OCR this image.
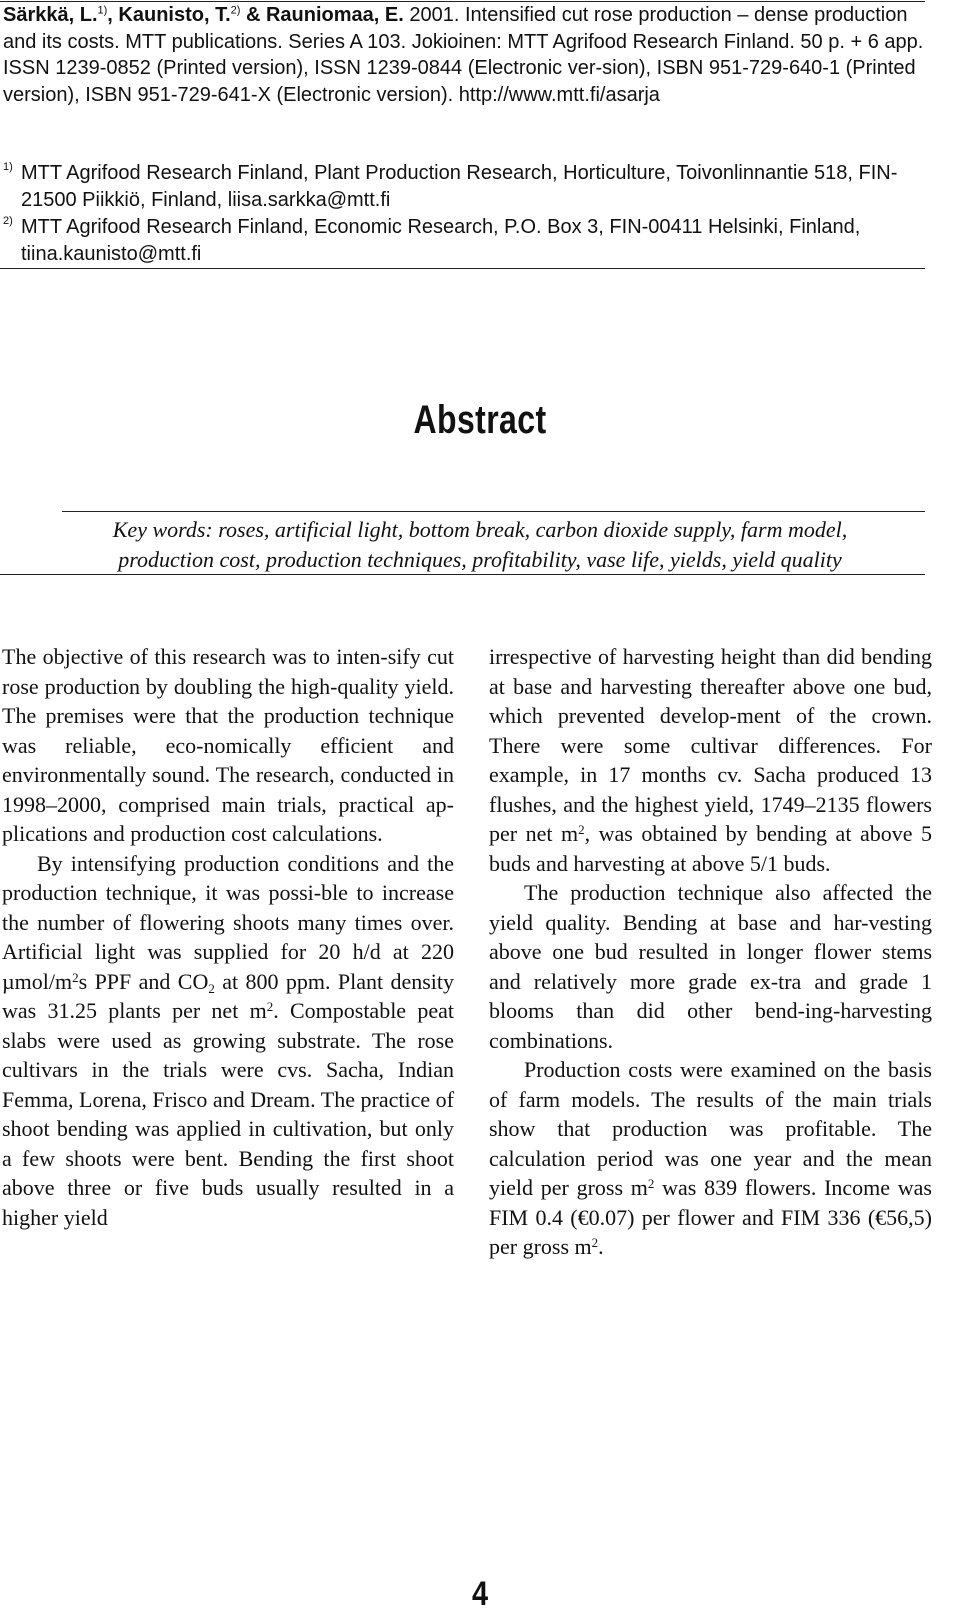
Särkkä, L.$^{1)}$, Kaunisto, T.$^{2)}$ & Rauniomaa, E. 2001. Intensified cut rose production – dense production and its costs. MTT publications. Series A 103. Jokioinen: MTT Agrifood Research Finland. 50 p. + 6 app. ISSN 1239-0852 (Printed version), ISSN 1239-0844 (Electronic ver-sion), ISBN 951-729-640-1 (Printed version), ISBN 951-729-641-X (Electronic version). http://www.mtt.fi/asarja
1) MTT Agrifood Research Finland, Plant Production Research, Horticulture, Toivonlinnantie 518, FIN-21500 Piikkiö, Finland, liisa.sarkka@mtt.fi
2) MTT Agrifood Research Finland, Economic Research, P.O. Box 3, FIN-00411 Helsinki, Finland, tiina.kaunisto@mtt.fi
Abstract
Key words: roses, artificial light, bottom break, carbon dioxide supply, farm model,
production cost, production techniques, profitability, vase life, yields, yield quality

The objective of this research was to inten-sify cut rose production by doubling the high-quality yield. The premises were that the production technique was reliable, eco-nomically efficient and environmentally sound. The research, conducted in 1998–2000, comprised main trials, practical ap-plications and production cost calculations.

By intensifying production conditions and the production technique, it was possi-ble to increase the number of flowering shoots many times over. Artificial light was supplied for 20 h/d at 220 µmol/$m^2s$ PPF and $CO_2$ at 800 ppm. Plant density was 31.25 plants per net $m^2$. Compostable peat slabs were used as growing substrate. The rose cultivars in the trials were cvs. Sacha, Indian Femma, Lorena, Frisco and Dream. The practice of shoot bending was applied in cultivation, but only a few shoots were bent. Bending the first shoot above three or five buds usually resulted in a higher yield

irrespective of harvesting height than did bending at base and harvesting thereafter above one bud, which prevented develop-ment of the crown. There were some cultivar differences. For example, in 17 months cv. Sacha produced 13 flushes, and the highest yield, 1749–2135 flowers per net $m^2$, was obtained by bending at above 5 buds and harvesting at above 5/1 buds.

The production technique also affected the yield quality. Bending at base and har-vesting above one bud resulted in longer flower stems and relatively more grade ex-tra and grade 1 blooms than did other bend-ing-harvesting combinations.

Production costs were examined on the basis of farm models. The results of the main trials show that production was profitable. The calculation period was one year and the mean yield per gross $m^2$ was 839 flowers. Income was FIM 0.4 (€0.07) per flower and FIM 336 (€56,5) per gross $m^2$.

4
